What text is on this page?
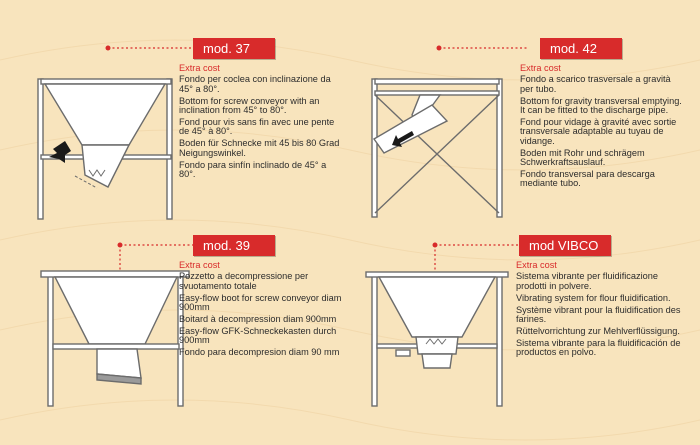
mod. 37
Extra cost
Fondo per coclea con inclinazione da 45° a 80°.
Bottom for screw conveyor with an inclination from 45° to 80°.
Fond pour vis sans fin avec une pente de 45° à 80°.
Boden für Schnecke mit 45 bis 80 Grad Neigungswinkel.
Fondo para sinfín inclinado de 45° a 80°.
mod. 42
Extra cost
Fondo a scarico trasversale a gravità per tubo.
Bottom for gravity transversal emptying. It can be fitted to the discharge pipe.
Fond pour vidage à gravité avec sortie transversale adaptable au tuyau de vidange.
Boden mit Rohr und schrägem Schwerkraftsauslauf.
Fondo transversal para descarga mediante tubo.
mod. 39
Extra cost
Pozzetto a decompressione per svuotamento totale
Easy-flow boot for screw conveyor diam 900mm
Boitard à decompression diam 900mm
Easy-flow GFK-Schneckekasten durch 900mm
Fondo para decompresion diam 90 mm
mod VIBCO
Extra cost
Sistema vibrante per fluidificazione prodotti in polvere.
Vibrating system for flour fluidification.
Système vibrant pour la fluidification des farines.
Rüttelvorrichtung zur Mehlverflüssigung.
Sistema vibrante para la fluidificación de productos en polvo.
